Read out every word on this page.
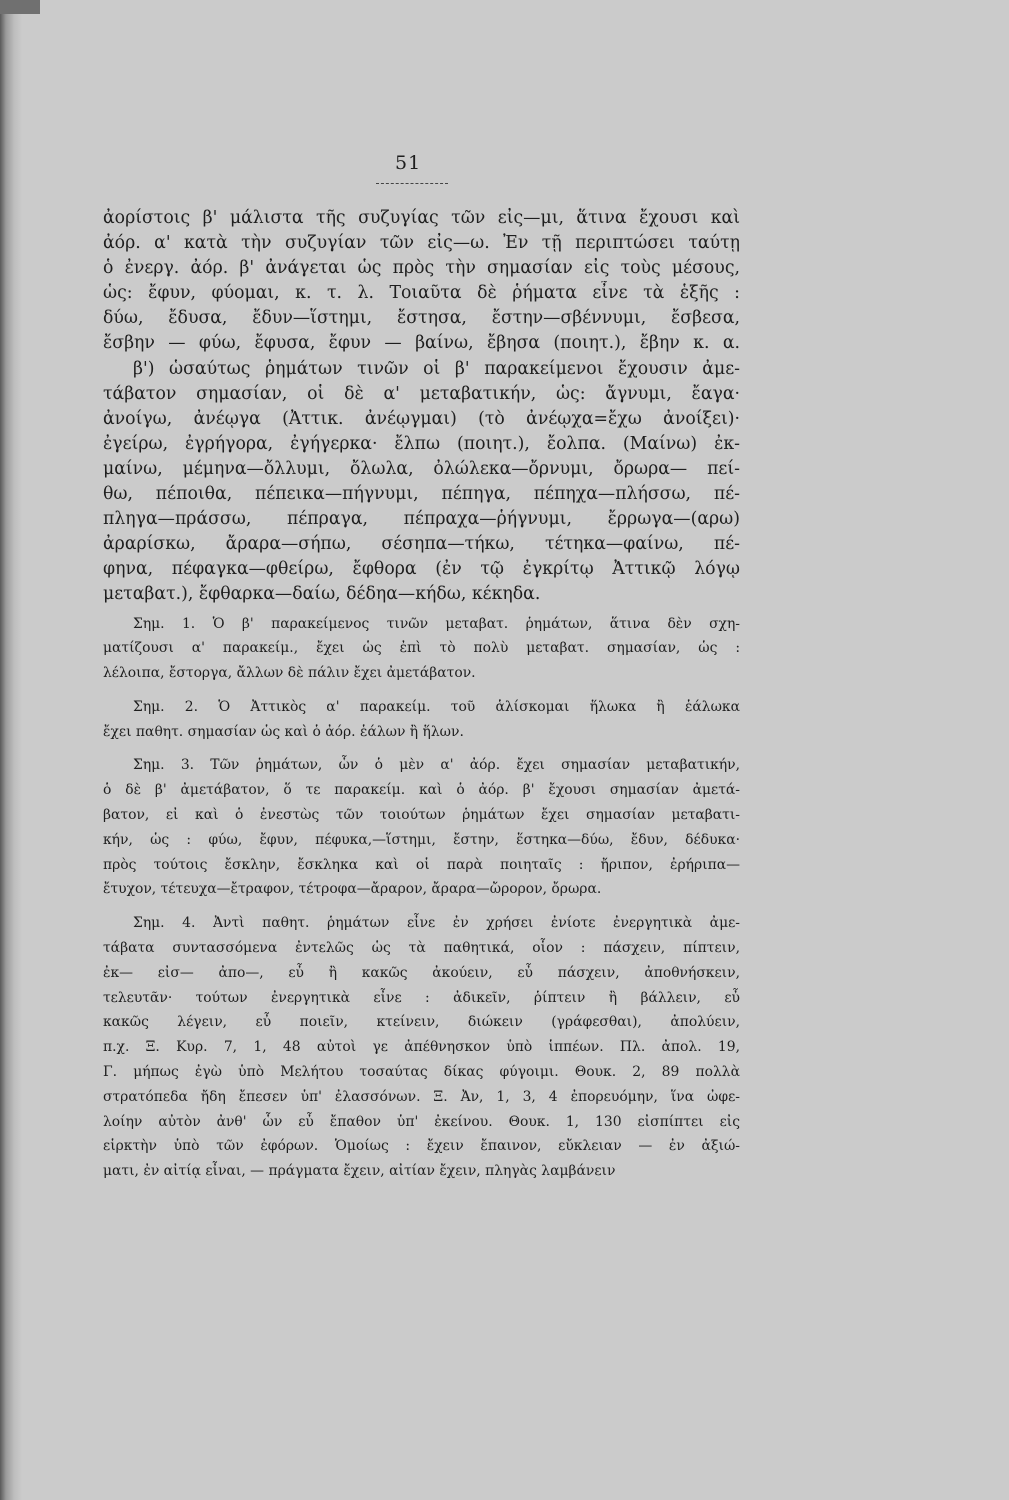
51
ἀορίστοις β' μάλιστα τῆς συζυγίας τῶν εἰς—μι, ἅτινα ἔχουσι καὶ
ἀόρ. α' κατὰ τὴν συζυγίαν τῶν εἰς—ω. Ἐν τῇ περιπτώσει ταύτῃ
ὁ ἐνεργ. ἀόρ. β' ἀνάγεται ὡς πρὸς τὴν σημασίαν εἰς τοὺς μέσους,
ὡς: ἔφυν, φύομαι, κ. τ. λ. Τοιαῦτα δὲ ῥήματα εἶνε τὰ ἑξῆς :
δύω, ἔδυσα, ἔδυν—ἵστημι, ἔστησα, ἔστην—σβέννυμι, ἔσβεσα,
ἔσβην — φύω, ἔφυσα, ἔφυν — βαίνω, ἔβησα (ποιητ.), ἔβην κ. α.
β') ὡσαύτως ῥημάτων τινῶν οἱ β' παρακείμενοι ἔχουσιν ἀμε-
τάβατον σημασίαν, οἱ δὲ α' μεταβατικήν, ὡς: ἄγνυμι, ἔαγα·
ἀνοίγω, ἀνέῳγα (Ἀττικ. ἀνέῳγμαι) (τὸ ἀνέῳχα=ἔχω ἀνοίξει)·
ἐγείρω, ἐγρήγορα, ἐγήγερκα· ἔλπω (ποιητ.), ἔολπα. (Μαίνω) ἐκ-
μαίνω, μέμηνα—ὄλλυμι, ὄλωλα, ὀλώλεκα—ὄρνυμι, ὄρωρα— πεί-
θω, πέποιθα, πέπεικα—πήγνυμι, πέπηγα, πέπηχα—πλήσσω, πέ-
πληγα—πράσσω, πέπραγα, πέπραχα—ῥήγνυμι, ἔρρωγα—(αρω)
ἀραρίσκω, ἄραρα—σήπω, σέσηπα—τήκω, τέτηκα—φαίνω, πέ-
φηνα, πέφαγκα—φθείρω, ἔφθορα (ἐν τῷ ἐγκρίτῳ Ἀττικῷ λόγῳ
μεταβατ.), ἔφθαρκα—δαίω, δέδηα—κήδω, κέκηδα.
Σημ. 1. Ὁ β' παρακείμενος τινῶν μεταβατ. ῥημάτων, ἅτινα δὲν σχη-
ματίζουσι α' παρακείμ., ἔχει ὡς ἐπὶ τὸ πολὺ μεταβατ. σημασίαν, ὡς :
λέλοιπα, ἔστοργα, ἄλλων δὲ πάλιν ἔχει ἀμετάβατον.
Σημ. 2. Ὁ Ἀττικὸς α' παρακείμ. τοῦ ἁλίσκομαι ἥλωκα ἢ ἑάλωκα
ἔχει παθητ. σημασίαν ὡς καὶ ὁ ἀόρ. ἑάλων ἢ ἥλων.
Σημ. 3. Τῶν ῥημάτων, ὧν ὁ μὲν α' ἀόρ. ἔχει σημασίαν μεταβατικήν,
ὁ δὲ β' ἀμετάβατον, ὅ τε παρακείμ. καὶ ὁ ἀόρ. β' ἔχουσι σημασίαν ἀμετά-
βατον, εἰ καὶ ὁ ἐνεστὼς τῶν τοιούτων ῥημάτων ἔχει σημασίαν μεταβατι-
κήν, ὡς : φύω, ἔφυν, πέφυκα,—ἵστημι, ἔστην, ἕστηκα—δύω, ἔδυν, δέδυκα·
πρὸς τούτοις ἔσκλην, ἔσκληκα καὶ οἱ παρὰ ποιηταῖς : ἤριπον, ἐρήριπα—
ἔτυχον, τέτευχα—ἔτραφον, τέτροφα—ἄραρον, ἄραρα—ὤρορον, ὄρωρα.
Σημ. 4. Ἀντὶ παθητ. ῥημάτων εἶνε ἐν χρήσει ἐνίοτε ἐνεργητικὰ ἀμε-
τάβατα συντασσόμενα ἐντελῶς ὡς τὰ παθητικά, οἷον : πάσχειν, πίπτειν,
ἐκ— εἰσ— ἀπο—, εὖ ἢ κακῶς ἀκούειν, εὖ πάσχειν, ἀποθνήσκειν,
τελευτᾶν· τούτων ἐνεργητικὰ εἶνε : ἀδικεῖν, ῥίπτειν ἢ βάλλειν, εὖ
κακῶς λέγειν, εὖ ποιεῖν, κτείνειν, διώκειν (γράφεσθαι), ἀπολύειν,
π.χ. Ξ. Κυρ. 7, 1, 48 αὐτοὶ γε ἀπέθνησκον ὑπὸ ἱππέων. Πλ. ἀπολ. 19,
Γ. μήπως ἐγὼ ὑπὸ Μελήτου τοσαύτας δίκας φύγοιμι. Θουκ. 2, 89 πολλὰ
στρατόπεδα ἤδη ἔπεσεν ὑπ' ἐλασσόνων. Ξ. Ἀν, 1, 3, 4 ἐπορευόμην, ἵνα ὠφε-
λοίην αὐτὸν ἀνθ' ὧν εὖ ἔπαθον ὑπ' ἐκείνου. Θουκ. 1, 130 εἰσπίπτει εἰς
εἱρκτὴν ὑπὸ τῶν ἐφόρων. Ὁμοίως : ἔχειν ἔπαινον, εὔκλειαν — ἐν ἀξιώ-
ματι, ἐν αἰτίᾳ εἶναι, — πράγματα ἔχειν, αἰτίαν ἔχειν, πληγὰς λαμβάνειν
